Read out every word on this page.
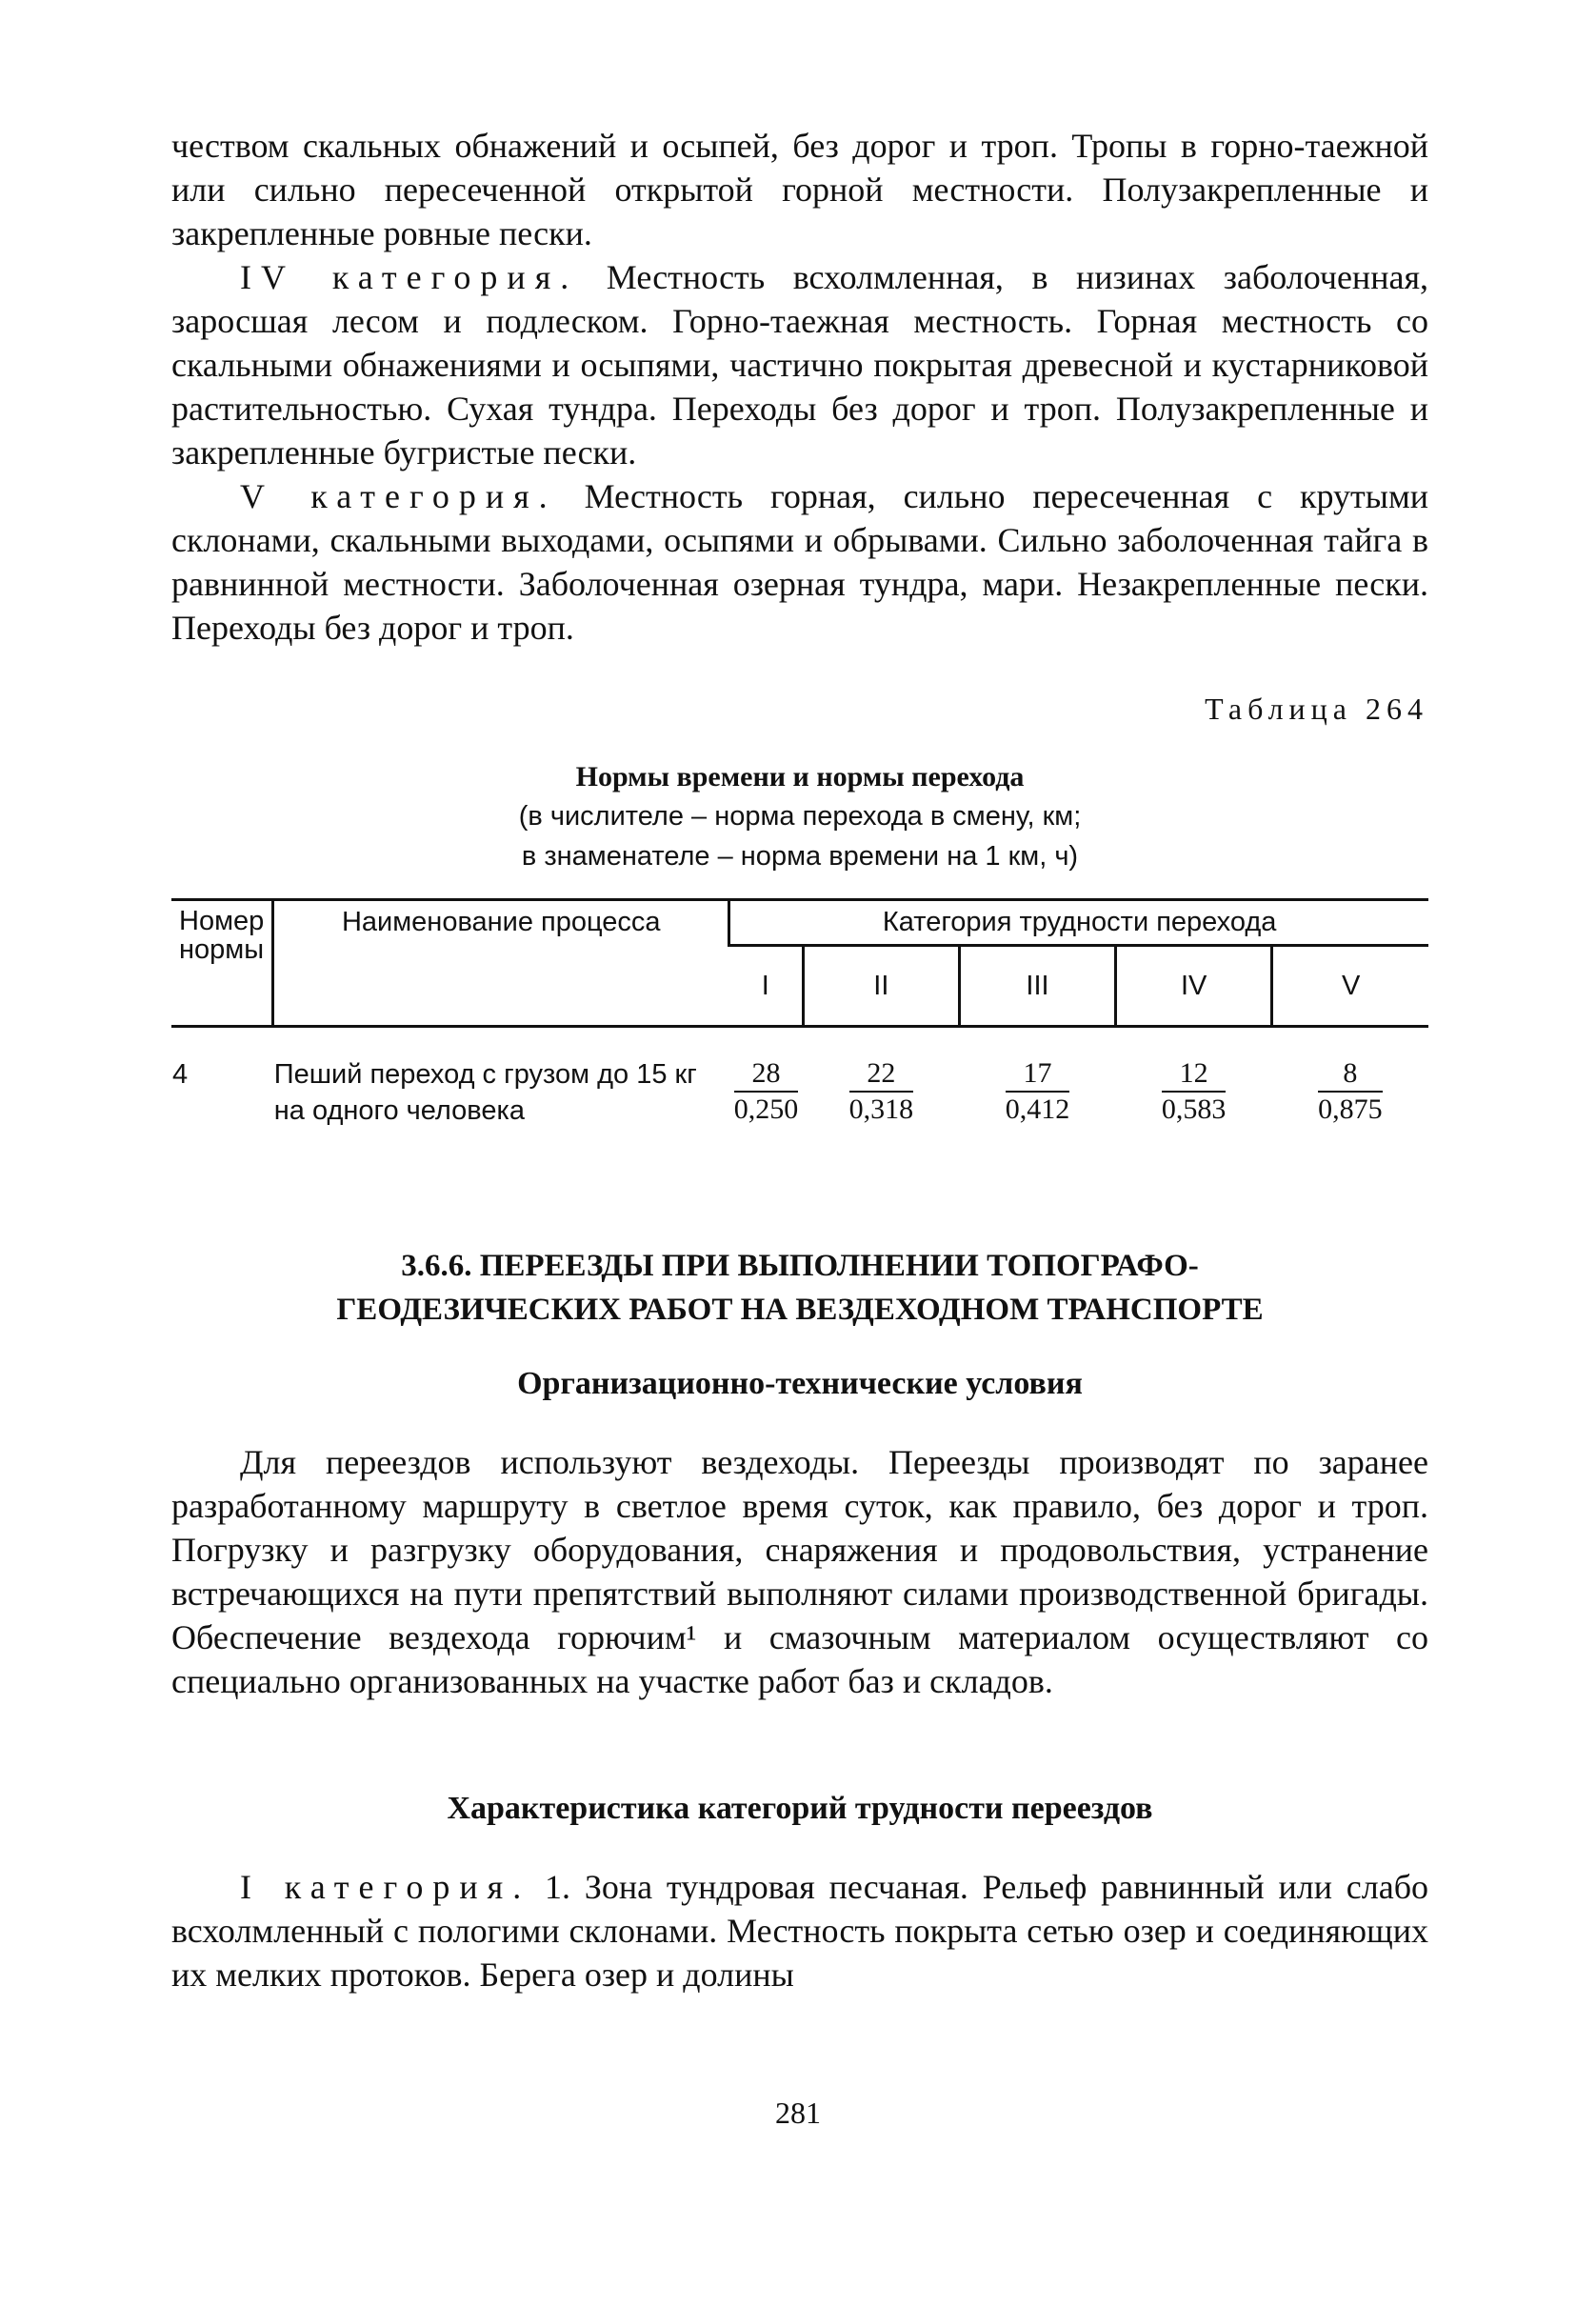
чеством скальных обнажений и осыпей, без дорог и троп. Тропы в горно-таежной или сильно пересеченной открытой горной местности. Полузакрепленные и закрепленные ровные пески.

IV категория. Местность всхолмленная, в низинах заболоченная, заросшая лесом и подлеском. Горно-таежная местность. Горная местность со скальными обнажениями и осыпями, частично покрытая древесной и кустарниковой растительностью. Сухая тундра. Переходы без дорог и троп. Полузакрепленные и закрепленные бугристые пески.

V категория. Местность горная, сильно пересеченная с крутыми склонами, скальными выходами, осыпями и обрывами. Сильно заболоченная тайга в равнинной местности. Заболоченная озерная тундра, мари. Незакрепленные пески. Переходы без дорог и троп.

Таблица 264
Нормы времени и нормы перехода
(в числителе – норма перехода в смену, км;
в знаменателе – норма времени на 1 км, ч)
Номер нормы	Наименование процесса	Категория трудности перехода				
		I	II	III	IV	V
4	Пеший переход с грузом до 15 кг на одного человека	$\frac{28}{0,250}$	$\frac{22}{0,318}$	$\frac{17}{0,412}$	$\frac{12}{0,583}$	$\frac{8}{0,875}$
3.6.6. ПЕРЕЕЗДЫ ПРИ ВЫПОЛНЕНИИ ТОПОГРАФО-
ГЕОДЕЗИЧЕСКИХ РАБОТ НА ВЕЗДЕХОДНОМ ТРАНСПОРТЕ
Организационно-технические условия

Для переездов используют вездеходы. Переезды производят по заранее разработанному маршруту в светлое время суток, как правило, без дорог и троп. Погрузку и разгрузку оборудования, снаряжения и продовольствия, устранение встречающихся на пути препятствий выполняют силами производственной бригады. Обеспечение вездехода горючим¹ и смазочным материалом осуществляют со специально организованных на участке работ баз и складов.

Характеристика категорий трудности переездов

I категория. 1. Зона тундровая песчаная. Рельеф равнинный или слабо всхолмленный с пологими склонами. Местность покрыта сетью озер и соединяющих их мелких протоков. Берега озер и долины

281
